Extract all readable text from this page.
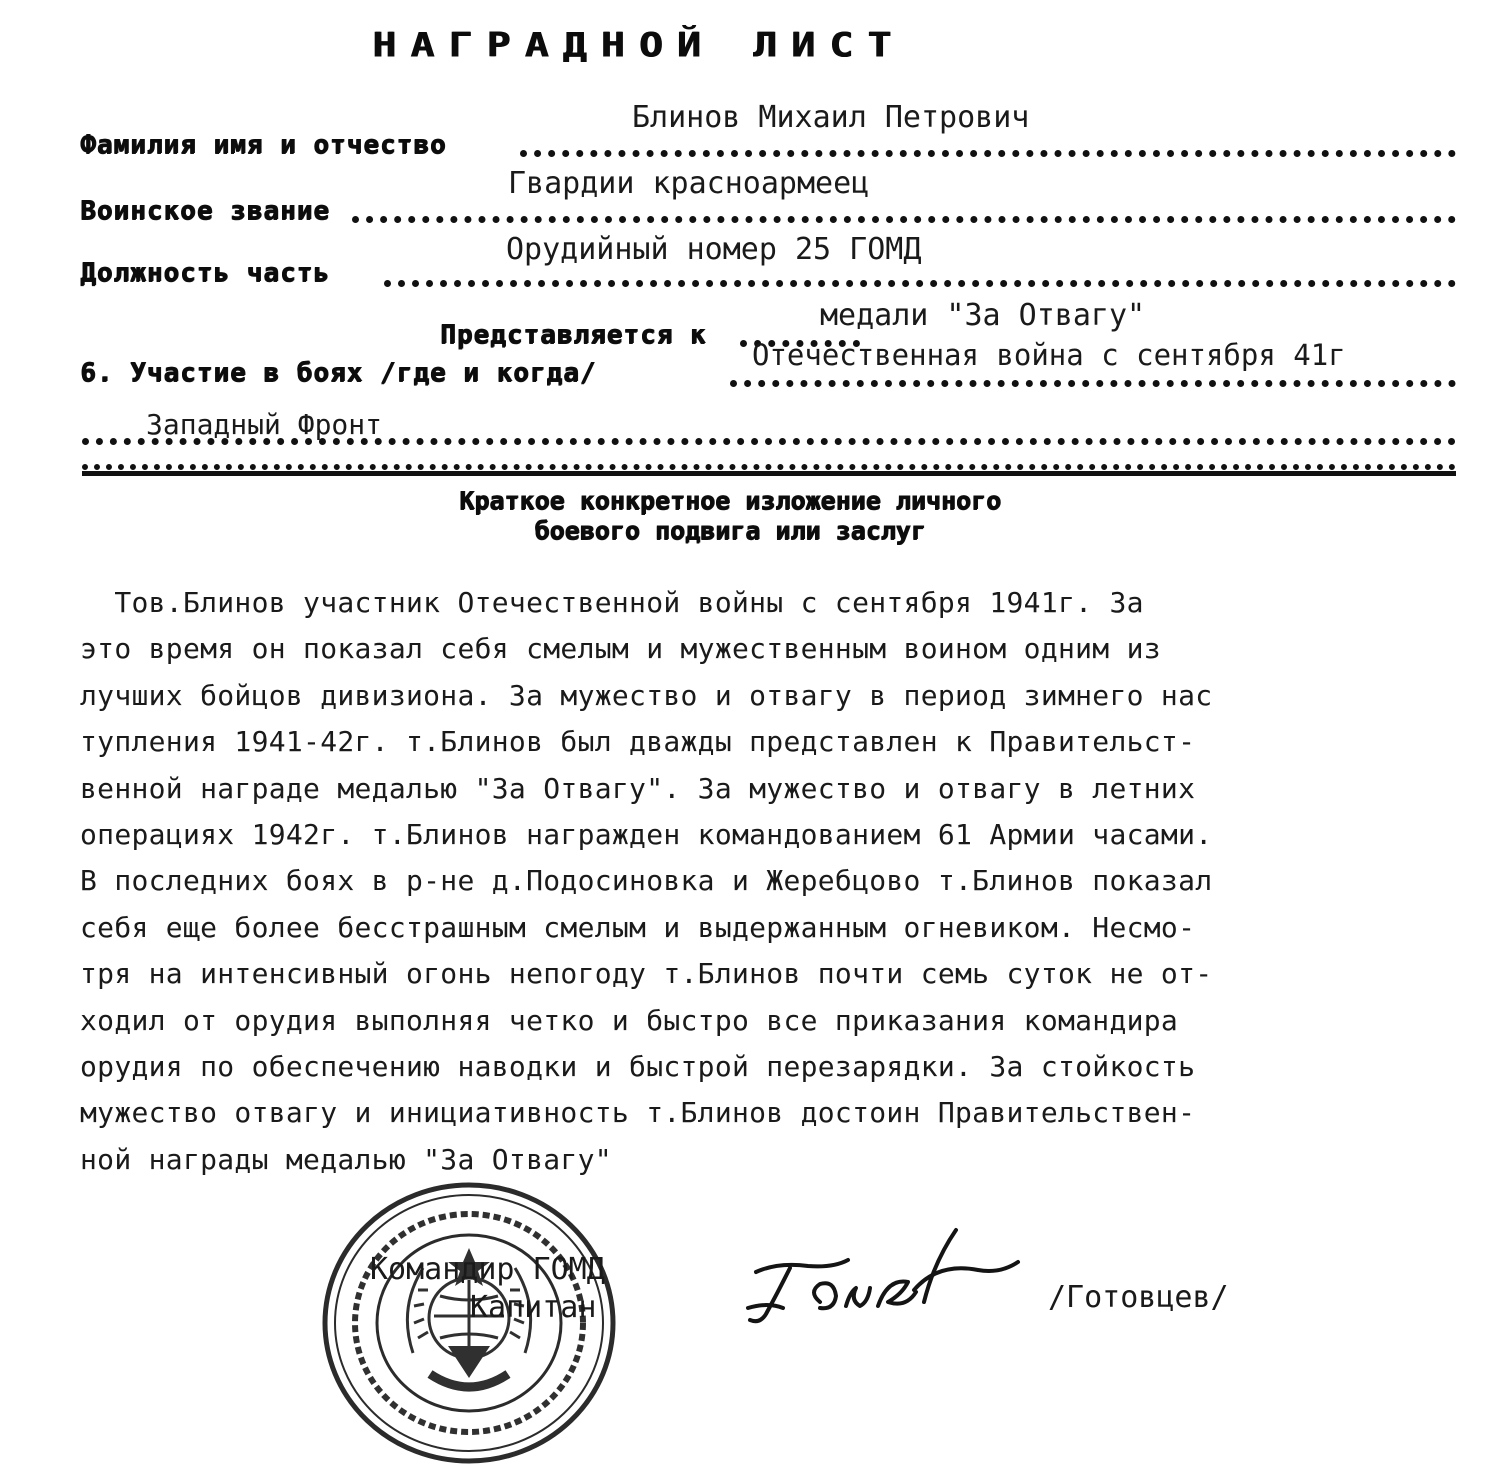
НАГРАДНОЙ ЛИСТ
Фамилия имя и отчество
Блинов Михаил Петрович
Воинское звание
Гвардии красноармеец
Должность часть
Орудийный номер 25 ГОМД
Представляется к
медали "За Отвагу"
6. Участие в боях /где и когда/
Отечественная война с сентября 41г
Западный Фронт
Краткое конкретное изложение личного
боевого подвига или заслуг
Тов.Блинов участник Отечественной войны с сентября 1941г. За
это время он показал себя смелым и мужественным воином одним из
лучших бойцов дивизиона. За мужество и отвагу в период зимнего нас
тупления 1941-42г. т.Блинов был дважды представлен к Правительст-
венной награде медалью "За Отвагу". За мужество и отвагу в летних
операциях 1942г. т.Блинов награжден командованием 61 Армии часами.
В последних боях в р-не д.Подосиновка и Жеребцово т.Блинов показал
себя еще более бесстрашным смелым и выдержанным огневиком. Несмо-
тря на интенсивный огонь непогоду т.Блинов почти семь суток не от-
ходил от орудия выполняя четко и быстро все приказания командира
орудия по обеспечению наводки и быстрой перезарядки. За стойкость
мужество отвагу и инициативность т.Блинов достоин Правительствен-
ной награды медалью "За Отвагу"
Командир ГОМД
Капитан	/Готовцев/
